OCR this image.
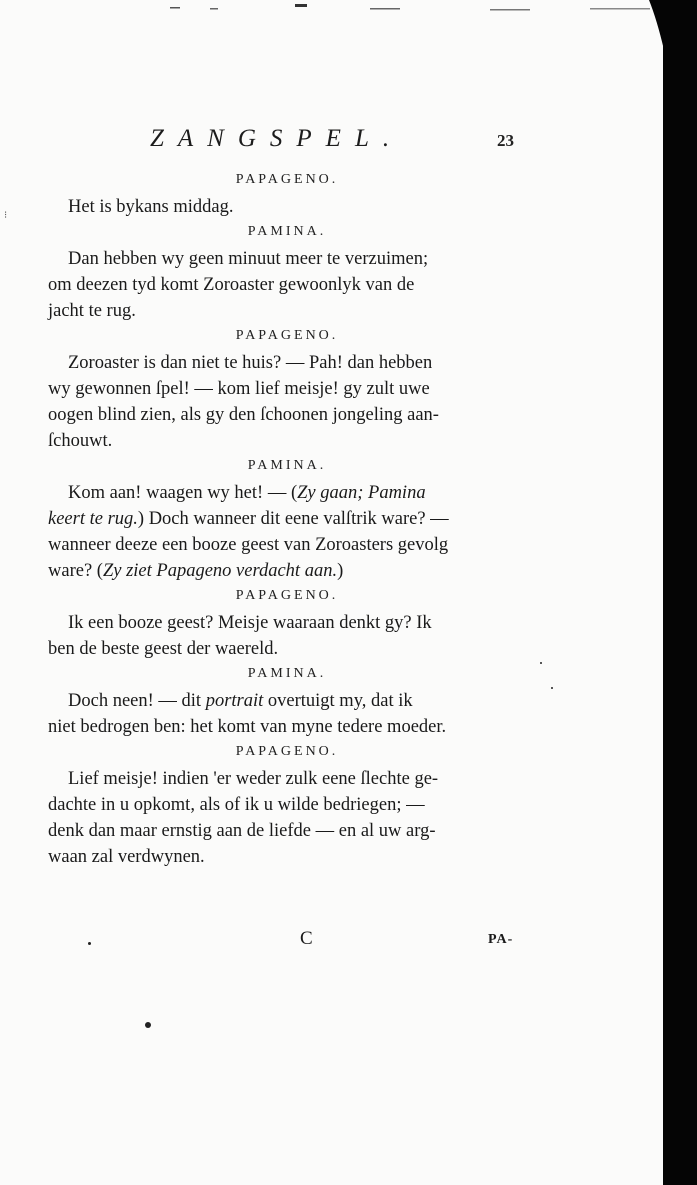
⁝
ZANGSPEL.	23
PAPAGENO.

Het is bykans middag.

PAMINA.

Dan hebben wy geen minuut meer te verzuimen;
om deezen tyd komt Zoroaster gewoonlyk van de
jacht te rug.

PAPAGENO.

Zoroaster is dan niet te huis? — Pah! dan hebben
wy gewonnen ſpel! — kom lief meisje! gy zult uwe
oogen blind zien, als gy den ſchoonen jongeling aan-
ſchouwt.

PAMINA.

Kom aan! waagen wy het! — (Zy gaan; Pamina
keert te rug.) Doch wanneer dit eene valſtrik ware? —
wanneer deeze een booze geest van Zoroasters gevolg
ware? (Zy ziet Papageno verdacht aan.)

PAPAGENO.

Ik een booze geest? Meisje waaraan denkt gy? Ik
ben de beste geest der waereld.

PAMINA.

Doch neen! — dit portrait overtuigt my, dat ik
niet bedrogen ben: het komt van myne tedere moeder.

PAPAGENO.

Lief meisje! indien 'er weder zulk eene ſlechte ge-
dachte in u opkomt, als of ik u wilde bedriegen; —
denk dan maar ernstig aan de liefde — en al uw arg-
waan zal verdwynen.

C	PA-
